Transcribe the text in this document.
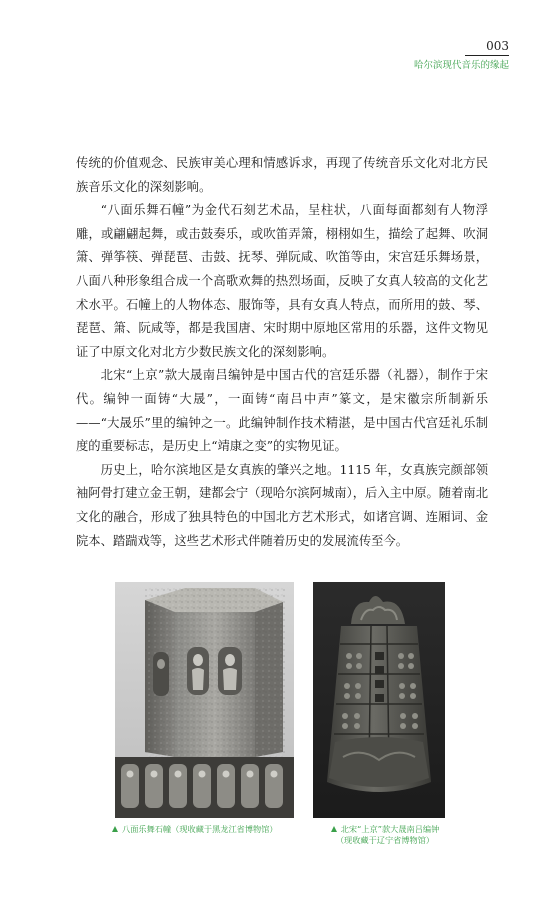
003
哈尔滨现代音乐的缘起

传统的价值观念、民族审美心理和情感诉求，再现了传统音乐文化对北方民族音乐文化的深刻影响。

“八面乐舞石幢”为金代石刻艺术品，呈柱状，八面每面都刻有人物浮雕，或翩翩起舞，或击鼓奏乐，或吹笛弄箫，栩栩如生，描绘了起舞、吹洞箫、弹筝筷、弹琵琶、击鼓、抚琴、弹阮咸、吹笛等由，宋宫廷乐舞场景，八面八种形象组合成一个高歌欢舞的热烈场面，反映了女真人较高的文化艺术水平。石幢上的人物体态、服饰等，具有女真人特点，而所用的鼓、琴、琵琶、箫、阮咸等，都是我国唐、宋时期中原地区常用的乐器，这件文物见证了中原文化对北方少数民族文化的深刻影响。

北宋“上京”款大晟南吕编钟是中国古代的宫廷乐器（礼器），制作于宋代。编钟一面铸“大晟”，一面铸“南吕中声”篆文，是宋徽宗所制新乐——“大晟乐”里的编钟之一。此编钟制作技术精湛，是中国古代宫廷礼乐制度的重要标志，是历史上“靖康之变”的实物见证。

历史上，哈尔滨地区是女真族的肇兴之地。1115 年，女真族完颜部领袖阿骨打建立金王朝，建都会宁（现哈尔滨阿城南），后入主中原。随着南北文化的融合，形成了独具特色的中国北方艺术形式，如诸宫调、连厢词、金院本、踏踹戏等，这些艺术形式伴随着历史的发展流传至今。

八面乐舞石幢（现收藏于黑龙江省博物馆）	北宋“上京”款大晟南吕编钟
（现收藏于辽宁省博物馆）
